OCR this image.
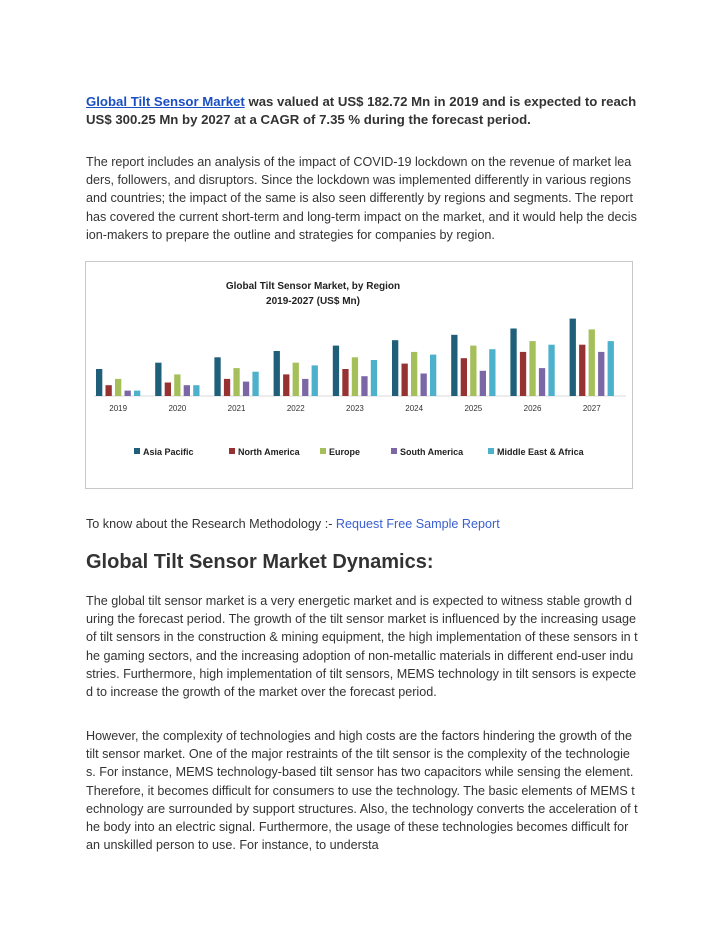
Global Tilt Sensor Market was valued at US$ 182.72 Mn in 2019 and is expected to reach US$ 300.25 Mn by 2027 at a CAGR of 7.35 % during the forecast period.
The report includes an analysis of the impact of COVID-19 lockdown on the revenue of market leaders, followers, and disruptors. Since the lockdown was implemented differently in various regions and countries; the impact of the same is also seen differently by regions and segments. The report has covered the current short-term and long-term impact on the market, and it would help the decision-makers to prepare the outline and strategies for companies by region.
Global Tilt Sensor Market, by Region
2019-2027 (US$ Mn)
2019	2020	2021	2022	2023	2024	2025	2026	2027
Asia Pacific	North America	Europe	South America	Middle East & Africa
To know about the Research Methodology :- Request Free Sample Report
Global Tilt Sensor Market Dynamics:
The global tilt sensor market is a very energetic market and is expected to witness stable growth during the forecast period. The growth of the tilt sensor market is influenced by the increasing usage of tilt sensors in the construction & mining equipment, the high implementation of these sensors in the gaming sectors, and the increasing adoption of non-metallic materials in different end-user industries. Furthermore, high implementation of tilt sensors, MEMS technology in tilt sensors is expected to increase the growth of the market over the forecast period.
However, the complexity of technologies and high costs are the factors hindering the growth of the tilt sensor market. One of the major restraints of the tilt sensor is the complexity of the technologies. For instance, MEMS technology-based tilt sensor has two capacitors while sensing the element. Therefore, it becomes difficult for consumers to use the technology. The basic elements of MEMS technology are surrounded by support structures. Also, the technology converts the acceleration of the body into an electric signal. Furthermore, the usage of these technologies becomes difficult for an unskilled person to use. For instance, to understa
